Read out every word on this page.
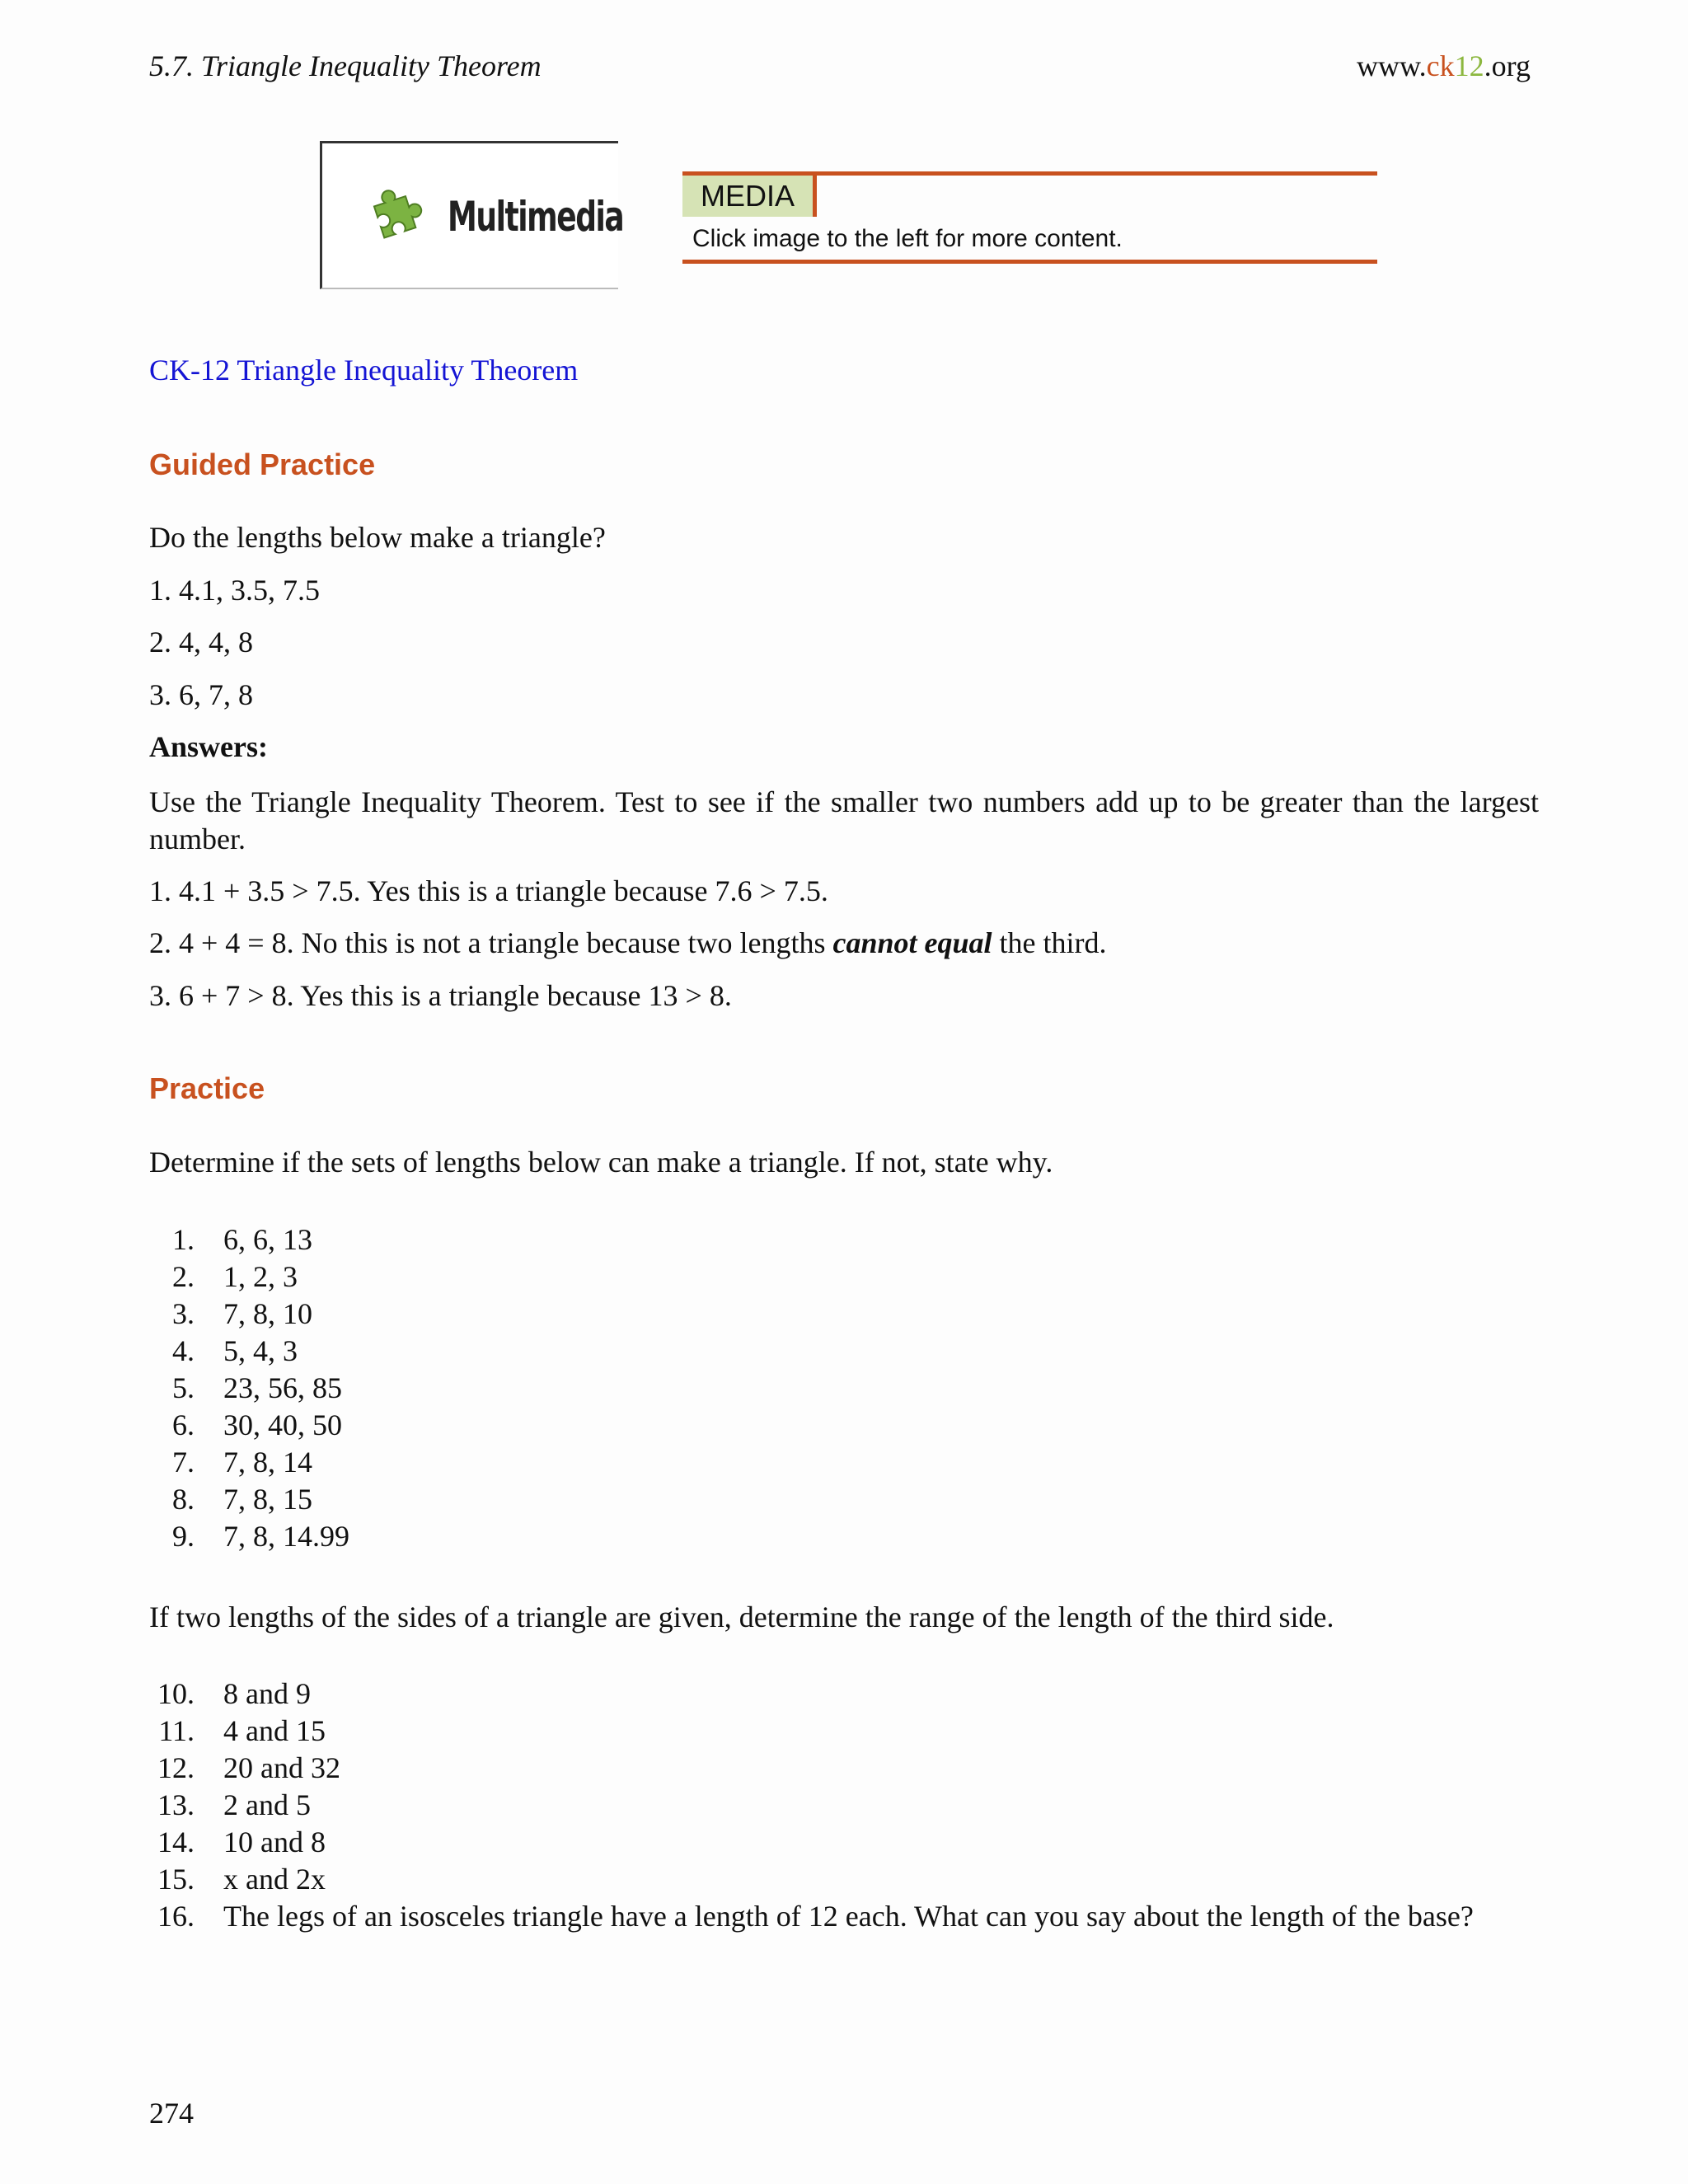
5.7. Triangle Inequality Theorem	www.ck12.org
Multimedia	MEDIA
Click image to the left for more content.
CK-12 Triangle Inequality Theorem
Guided Practice
Do the lengths below make a triangle?
1. 4.1, 3.5, 7.5
2. 4, 4, 8
3. 6, 7, 8
Answers:
Use the Triangle Inequality Theorem. Test to see if the smaller two numbers add up to be greater than the largest number.
1. 4.1 + 3.5 > 7.5. Yes this is a triangle because 7.6 > 7.5.
2. 4 + 4 = 8. No this is not a triangle because two lengths cannot equal the third.
3. 6 + 7 > 8. Yes this is a triangle because 13 > 8.
Practice
Determine if the sets of lengths below can make a triangle. If not, state why.
1. 6, 6, 13
2. 1, 2, 3
3. 7, 8, 10
4. 5, 4, 3
5. 23, 56, 85
6. 30, 40, 50
7. 7, 8, 14
8. 7, 8, 15
9. 7, 8, 14.99
If two lengths of the sides of a triangle are given, determine the range of the length of the third side.
10. 8 and 9
11. 4 and 15
12. 20 and 32
13. 2 and 5
14. 10 and 8
15. x and 2x
16. The legs of an isosceles triangle have a length of 12 each. What can you say about the length of the base?
274
